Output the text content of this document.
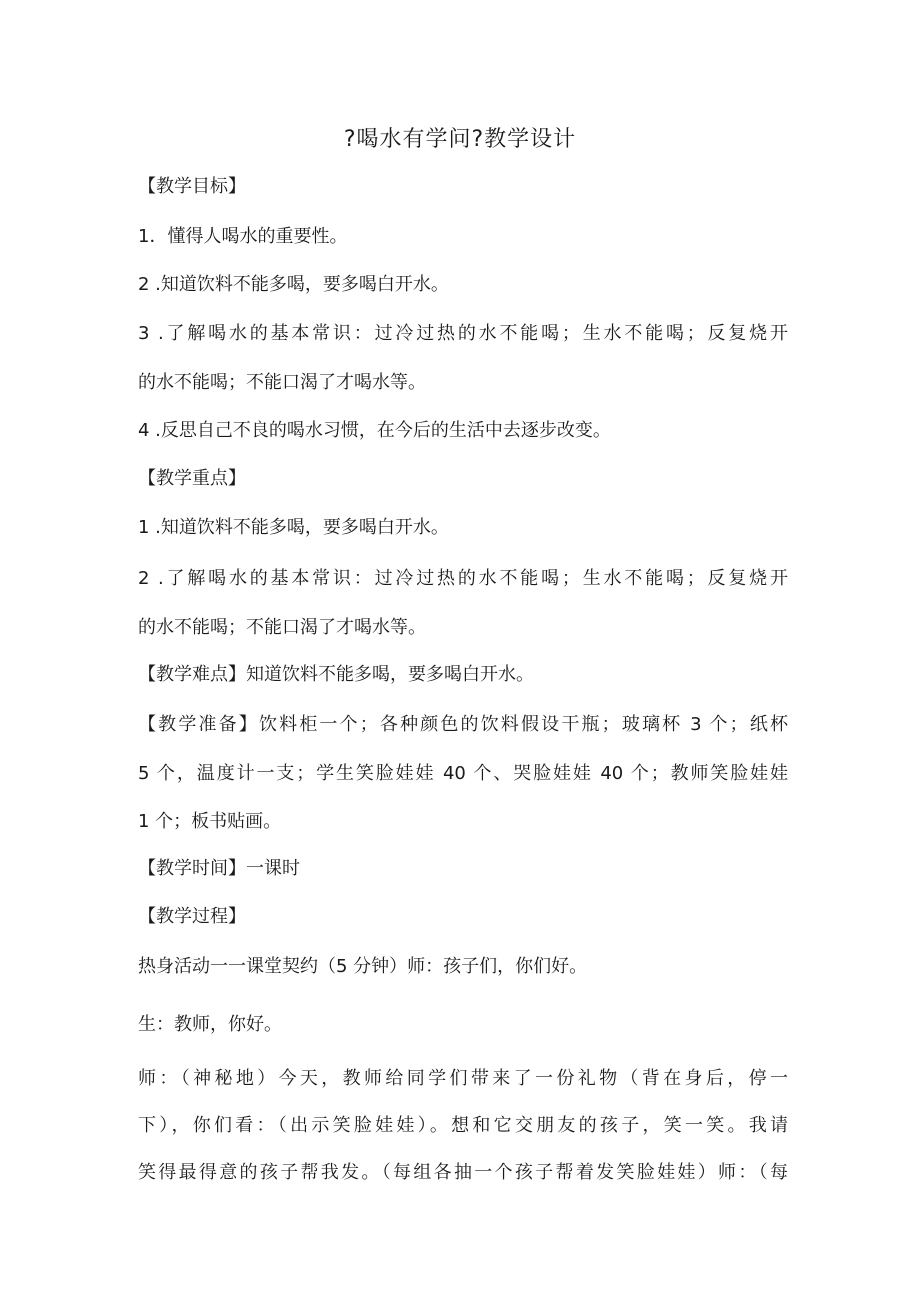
?喝水有学问?教学设计
【教学目标】
1．懂得人喝水的重要性。
2 .知道饮料不能多喝，要多喝白开水。
3 .了解喝水的基本常识：过冷过热的水不能喝；生水不能喝；反复烧开
的水不能喝；不能口渴了才喝水等。
4 .反思自己不良的喝水习惯，在今后的生活中去逐步改变。
【教学重点】
1 .知道饮料不能多喝，要多喝白开水。
2 .了解喝水的基本常识：过冷过热的水不能喝；生水不能喝；反复烧开
的水不能喝；不能口渴了才喝水等。
【教学难点】知道饮料不能多喝，要多喝白开水。
【教学准备】饮料柜一个；各种颜色的饮料假设干瓶；玻璃杯 3 个；纸杯
5 个，温度计一支；学生笑脸娃娃 40 个、哭脸娃娃 40 个；教师笑脸娃娃
1 个；板书贴画。
【教学时间】一课时
【教学过程】
热身活动一一课堂契约（5 分钟）师：孩子们，你们好。
生：教师，你好。
师：（神秘地）今天，教师给同学们带来了一份礼物（背在身后，停一
下），你们看：（出示笑脸娃娃）。想和它交朋友的孩子，笑一笑。我请
笑得最得意的孩子帮我发。（每组各抽一个孩子帮着发笑脸娃娃）师：（每
